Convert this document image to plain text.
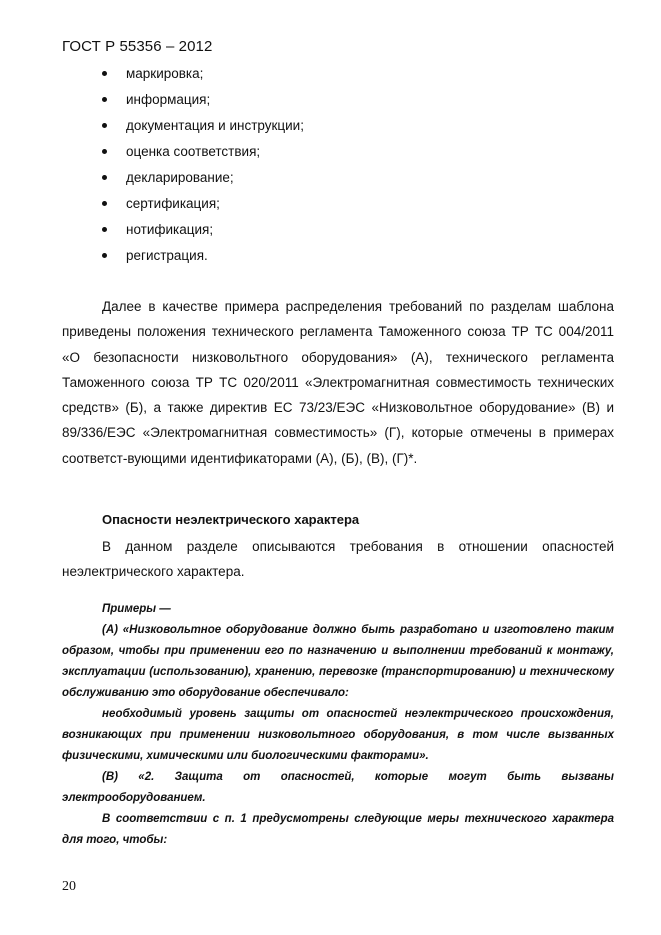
ГОСТ Р 55356 – 2012
маркировка;
информация;
документация и инструкции;
оценка соответствия;
декларирование;
сертификация;
нотификация;
регистрация.
Далее в качестве примера распределения требований по разделам шаблона приведены положения технического регламента Таможенного союза ТР ТС 004/2011 «О безопасности низковольтного оборудования» (А), технического регламента Таможенного союза ТР ТС 020/2011 «Электромагнитная совместимость технических средств» (Б), а также директив ЕС 73/23/ЕЭС «Низковольтное оборудование» (В) и 89/336/ЕЭС «Электромагнитная совместимость» (Г), которые отмечены в примерах соответст-вующими идентификаторами (А), (Б), (В), (Г)*.
Опасности неэлектрического характера
В данном разделе описываются требования в отношении опасностей неэлектрического характера.
Примеры —
(А) «Низковольтное оборудование должно быть разработано и изготовлено таким образом, чтобы при применении его по назначению и выполнении требований к монтажу, эксплуатации (использованию), хранению, перевозке (транспортированию) и техническому обслуживанию это оборудование обеспечивало:
необходимый уровень защиты от опасностей неэлектрического происхождения, возникающих при применении низковольтного оборудования, в том числе вызванных физическими, химическими или биологическими факторами».
(В) «2. Защита от опасностей, которые могут быть вызваны электрооборудованием.
В соответствии с п. 1 предусмотрены следующие меры технического характера для того, чтобы:
20
